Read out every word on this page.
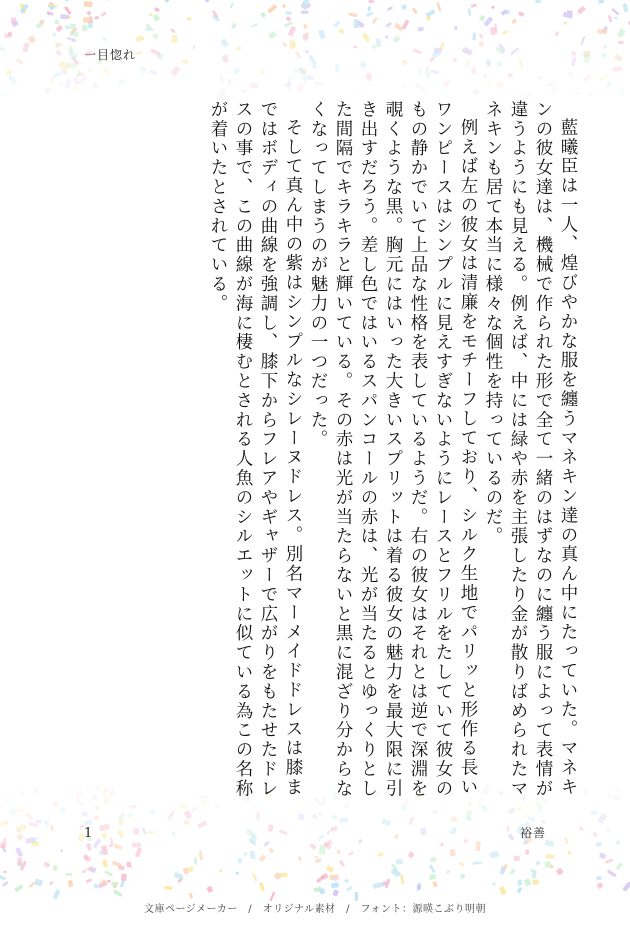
一目惚れ

藍曦臣は一人、煌びやかな服を纏うマネキン達の真ん中にたっていた。マネキンの彼女達は、機械で作られた形で全て一緒のはずなのに纏う服によって表情が違うようにも見える。例えば、中には緑や赤を主張したり金が散りばめられたマネキンも居て本当に様々な個性を持っているのだ。

例えば左の彼女は清廉をモチーフしており、シルク生地でパリッと形作る長いワンピースはシンプルに見えすぎないようにレースとフリルをたしていて彼女のもの静かでいて上品な性格を表しているようだ。右の彼女はそれとは逆で深淵を覗くような黒。胸元にはいった大きいスプリットは着る彼女の魅力を最大限に引き出すだろう。差し色ではいるスパンコールの赤は、光が当たるとゆっくりとした間隔でキラキラと輝いている。その赤は光が当たらないと黒に混ざり分からなくなってしまうのが魅力の一つだった。

そして真ん中の紫はシンプルなシレーヌドレス。別名マーメイドドレスは膝まではボディの曲線を強調し、膝下からフレアやギャザーで広がりをもたせたドレスの事で、この曲線が海に棲むとされる人魚のシルエットに似ている為この名称が着いたとされている。

1	裕善
文庫ページメーカー　/　オリジナル素材　/　フォント：源暎こぶり明朝
